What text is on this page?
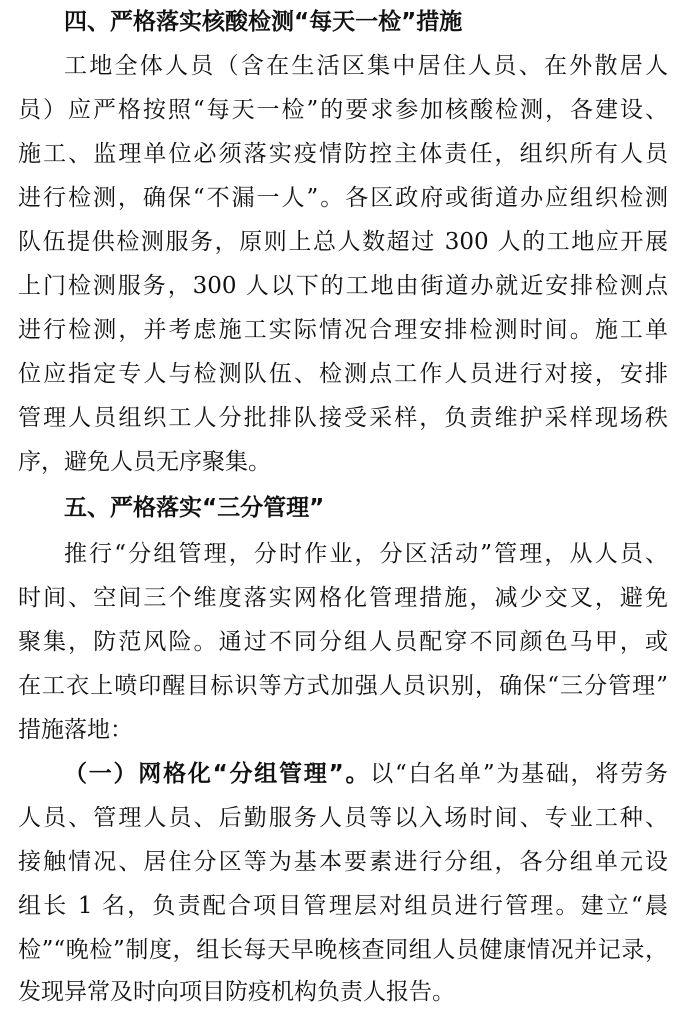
四、严格落实核酸检测“每天一检”措施
工地全体人员（含在生活区集中居住人员、在外散居人
员）应严格按照“每天一检”的要求参加核酸检测，各建设、
施工、监理单位必须落实疫情防控主体责任，组织所有人员
进行检测，确保“不漏一人”。各区政府或街道办应组织检测
队伍提供检测服务，原则上总人数超过 300 人的工地应开展
上门检测服务，300 人以下的工地由街道办就近安排检测点
进行检测，并考虑施工实际情况合理安排检测时间。施工单
位应指定专人与检测队伍、检测点工作人员进行对接，安排
管理人员组织工人分批排队接受采样，负责维护采样现场秩
序，避免人员无序聚集。
五、严格落实“三分管理”
推行“分组管理，分时作业，分区活动”管理，从人员、
时间、空间三个维度落实网格化管理措施，减少交叉，避免
聚集，防范风险。通过不同分组人员配穿不同颜色马甲，或
在工衣上喷印醒目标识等方式加强人员识别，确保“三分管理”
措施落地：
（一）网格化“分组管理”。以“白名单”为基础，将劳务
人员、管理人员、后勤服务人员等以入场时间、专业工种、
接触情况、居住分区等为基本要素进行分组，各分组单元设
组长 1 名，负责配合项目管理层对组员进行管理。建立“晨
检”“晚检”制度，组长每天早晚核查同组人员健康情况并记录，
发现异常及时向项目防疫机构负责人报告。
